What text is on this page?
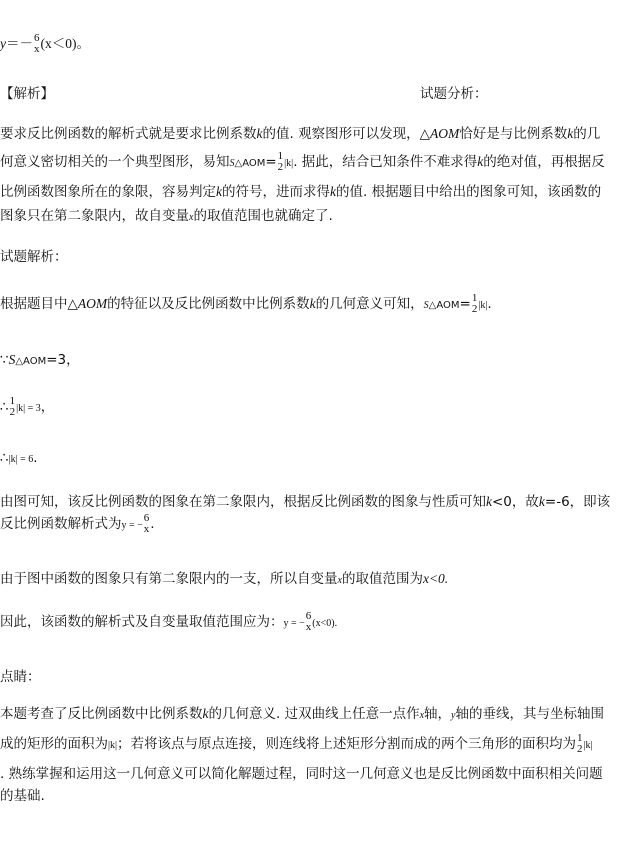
y＝－ 6
x (x＜0)。
【解析】	试题分析：
要求反比例函数的解析式就是要求比例系数k的值. 观察图形可以发现，△AOM恰好是与比例系数k的几
何意义密切相关的一个典型图形，易知S△AOM= 1
2 |k|. 据此，结合已知条件不难求得k的绝对值，再根据反
比例函数图象所在的象限，容易判定k的符号，进而求得k的值. 根据题目中给出的图象可知，该函数的
图象只在第二象限内，故自变量x的取值范围也就确定了.
试题解析：
根据题目中△AOM的特征以及反比例函数中比例系数k的几何意义可知，S△AOM= 1
2 |k|.
∵S△AOM=3，
∴ 1
2 |k| = 3，
∴|k| = 6.
由图可知，该反比例函数的图象在第二象限内，根据反比例函数的图象与性质可知k<0，故k=-6，即该
反比例函数解析式为y = −
6
x .
由于图中函数的图象只有第二象限内的一支，所以自变量x的取值范围为x<0.
因此，该函数的解析式及自变量取值范围应为：y = −
6
x (x<0).
点睛：
本题考查了反比例函数中比例系数k的几何意义. 过双曲线上任意一点作x轴，y轴的垂线，其与坐标轴围
成的矩形的面积为|k|；若将该点与原点连接，则连线将上述矩形分割而成的两个三角形的面积均为 1
2 |k|
. 熟练掌握和运用这一几何意义可以简化解题过程，同时这一几何意义也是反比例函数中面积相关问题
的基础.
